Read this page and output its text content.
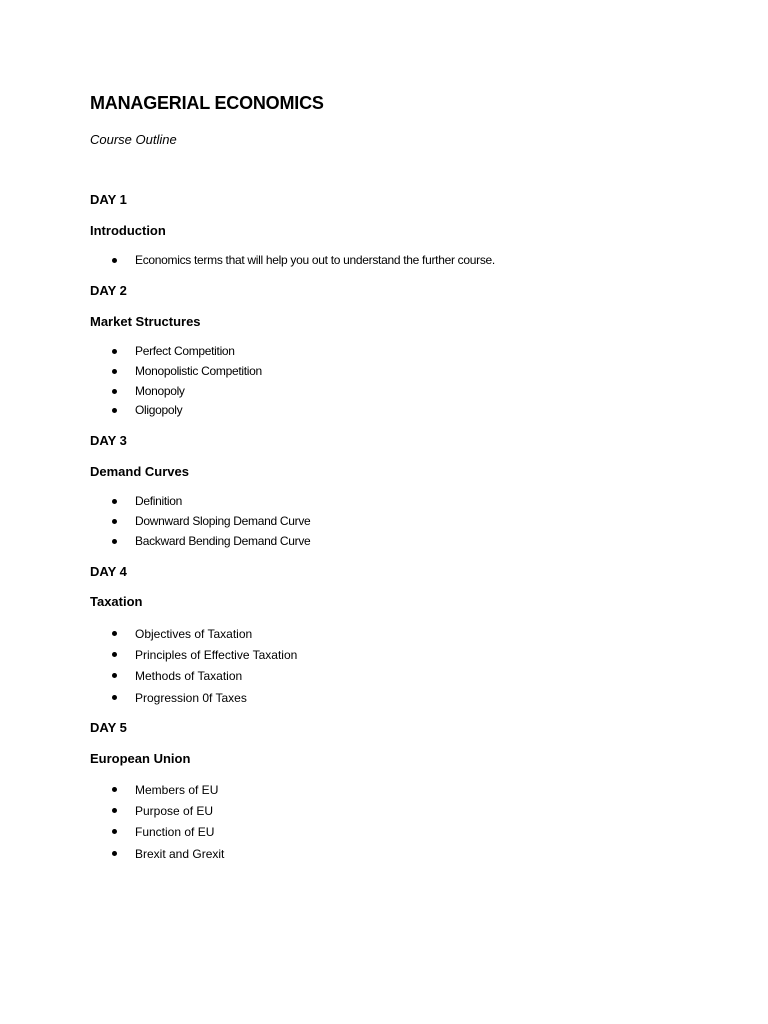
MANAGERIAL ECONOMICS
Course Outline
DAY 1
Introduction
Economics terms that will help you out to understand the further course.
DAY 2
Market Structures
Perfect Competition
Monopolistic Competition
Monopoly
Oligopoly
DAY 3
Demand Curves
Definition
Downward Sloping Demand Curve
Backward Bending Demand Curve
DAY 4
Taxation
Objectives of Taxation
Principles of Effective Taxation
Methods of Taxation
Progression 0f Taxes
DAY 5
European Union
Members of EU
Purpose of EU
Function of EU
Brexit and Grexit
